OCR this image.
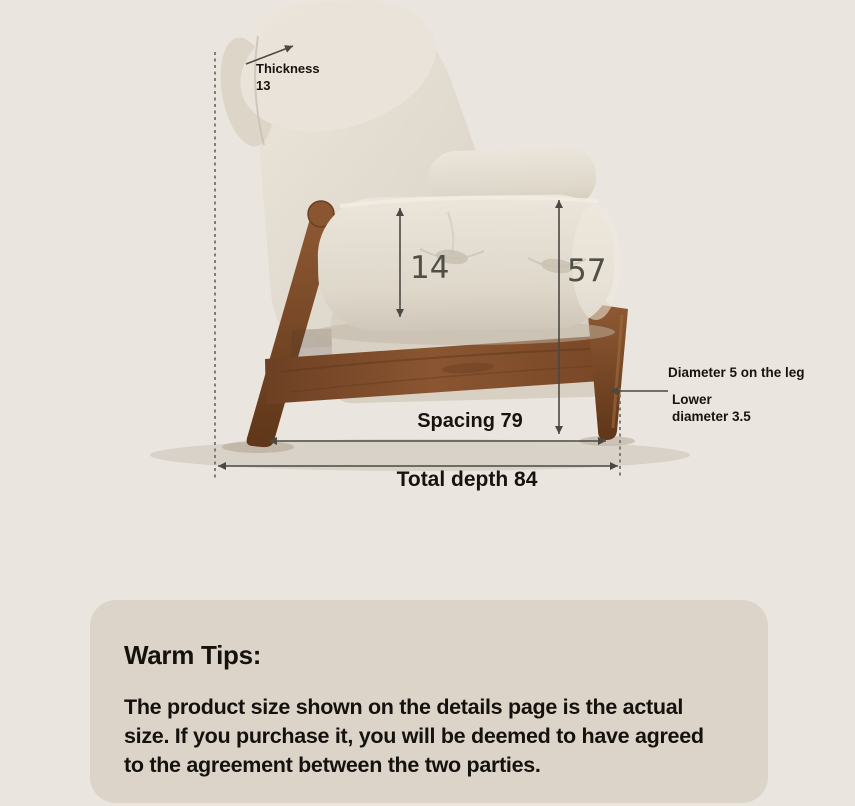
Thickness
13
14	57
Diameter 5 on the leg
Lower
diameter 3.5
Spacing 79
Total depth 84
Warm Tips:
The product size shown on the details page is the actual
size. If you purchase it, you will be deemed to have agreed
to the agreement between the two parties.
